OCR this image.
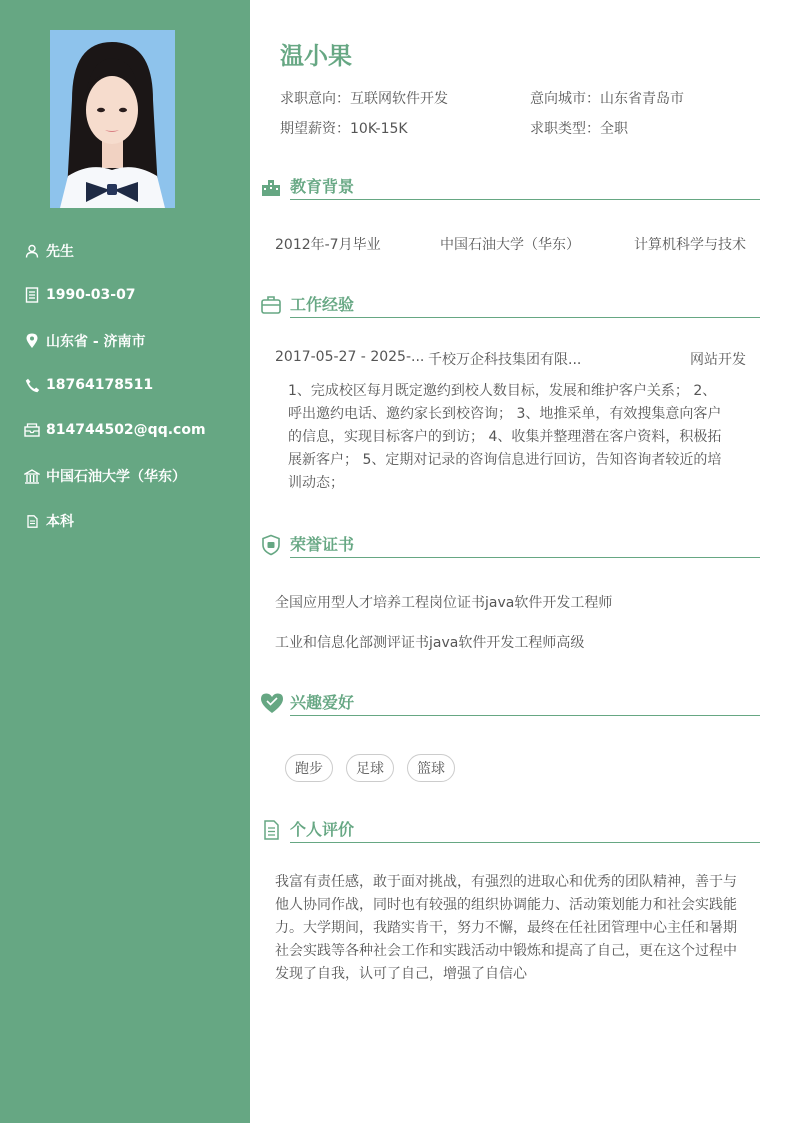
先生
1990-03-07
山东省 - 济南市
18764178511
814744502@qq.com
中国石油大学（华东）
本科
温小果
求职意向：互联网软件开发	意向城市：山东省青岛市
期望薪资：10K-15K	求职类型：全职
教育背景
2012年-7月毕业	中国石油大学（华东）	计算机科学与技术
工作经验
2017-05-27 - 2025-... 千校万企科技集团有限...	网站开发
1、完成校区每月既定邀约到校人数目标，发展和维护客户关系； 2、呼出邀约电话、邀约家长到校咨询； 3、地推采单，有效搜集意向客户的信息，实现目标客户的到访； 4、收集并整理潜在客户资料，积极拓展新客户； 5、定期对记录的咨询信息进行回访，告知咨询者较近的培训动态；
荣誉证书
全国应用型人才培养工程岗位证书java软件开发工程师
工业和信息化部测评证书java软件开发工程师高级
兴趣爱好
跑步	足球	篮球
个人评价
我富有责任感，敢于面对挑战，有强烈的进取心和优秀的团队精神，善于与他人协同作战，同时也有较强的组织协调能力、活动策划能力和社会实践能力。大学期间，我踏实肯干，努力不懈，最终在任社团管理中心主任和暑期社会实践等各种社会工作和实践活动中锻炼和提高了自己，更在这个过程中发现了自我，认可了自己，增强了自信心
